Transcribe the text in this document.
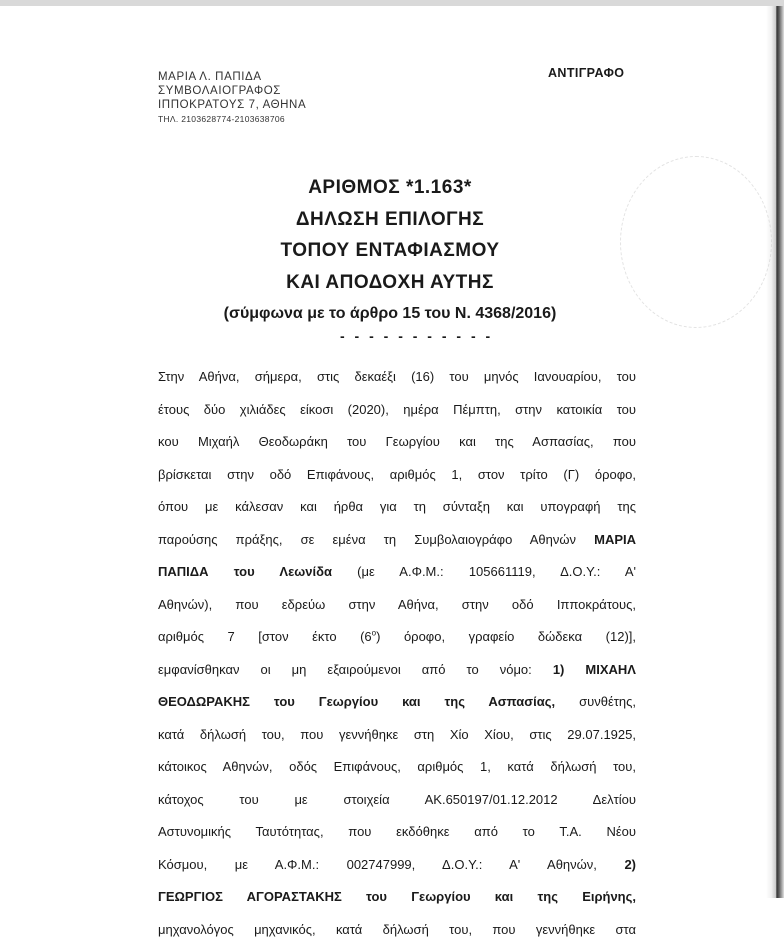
ΜΑΡΙΑ Λ. ΠΑΠΙΔΑ
ΣΥΜΒΟΛΑΙΟΓΡΑΦΟΣ
ΙΠΠΟΚΡΑΤΟΥΣ 7, ΑΘΗΝΑ
ΤΗΛ. 2103628774-2103638706
ΑΝΤΙΓΡΑΦΟ
ΑΡΙΘΜΟΣ *1.163*
ΔΗΛΩΣΗ ΕΠΙΛΟΓΗΣ
ΤΟΠΟΥ ΕΝΤΑΦΙΑΣΜΟΥ
ΚΑΙ ΑΠΟΔΟΧΗ ΑΥΤΗΣ
(σύμφωνα με το άρθρο 15 του Ν. 4368/2016)
- - - - - - - - - - -
Στην Αθήνα, σήμερα, στις δεκαέξι (16) του μηνός Ιανουαρίου, του
έτους δύο χιλιάδες είκοσι (2020), ημέρα Πέμπτη, στην κατοικία του
κου Μιχαήλ Θεοδωράκη του Γεωργίου και της Ασπασίας, που
βρίσκεται στην οδό Επιφάνους, αριθμός 1, στον τρίτο (Γ) όροφο,
όπου με κάλεσαν και ήρθα για τη σύνταξη και υπογραφή της
παρούσης πράξης, σε εμένα τη Συμβολαιογράφο Αθηνών ΜΑΡΙΑ
ΠΑΠΙΔΑ του Λεωνίδα (με Α.Φ.Μ.: 105661119, Δ.Ο.Υ.: Α'
Αθηνών), που εδρεύω στην Αθήνα, στην οδό Ιπποκράτους,
αριθμός 7 [στον έκτο $(6^o)$ όροφο, γραφείο δώδεκα (12)],
εμφανίσθηκαν οι μη εξαιρούμενοι από το νόμο: 1) ΜΙΧΑΗΛ
ΘΕΟΔΩΡΑΚΗΣ του Γεωργίου και της Ασπασίας, συνθέτης,
κατά δήλωσή του, που γεννήθηκε στη Χίο Χίου, στις 29.07.1925,
κάτοικος Αθηνών, οδός Επιφάνους, αριθμός 1, κατά δήλωσή του,
κάτοχος του με στοιχεία ΑΚ.650197/01.12.2012 Δελτίου
Αστυνομικής Ταυτότητας, που εκδόθηκε από το Τ.Α. Νέου
Κόσμου, με Α.Φ.Μ.: 002747999, Δ.Ο.Υ.: Α' Αθηνών, 2)
ΓΕΩΡΓΙΟΣ ΑΓΟΡΑΣΤΑΚΗΣ του Γεωργίου και της Ειρήνης,
μηχανολόγος μηχανικός, κατά δήλωσή του, που γεννήθηκε στα
